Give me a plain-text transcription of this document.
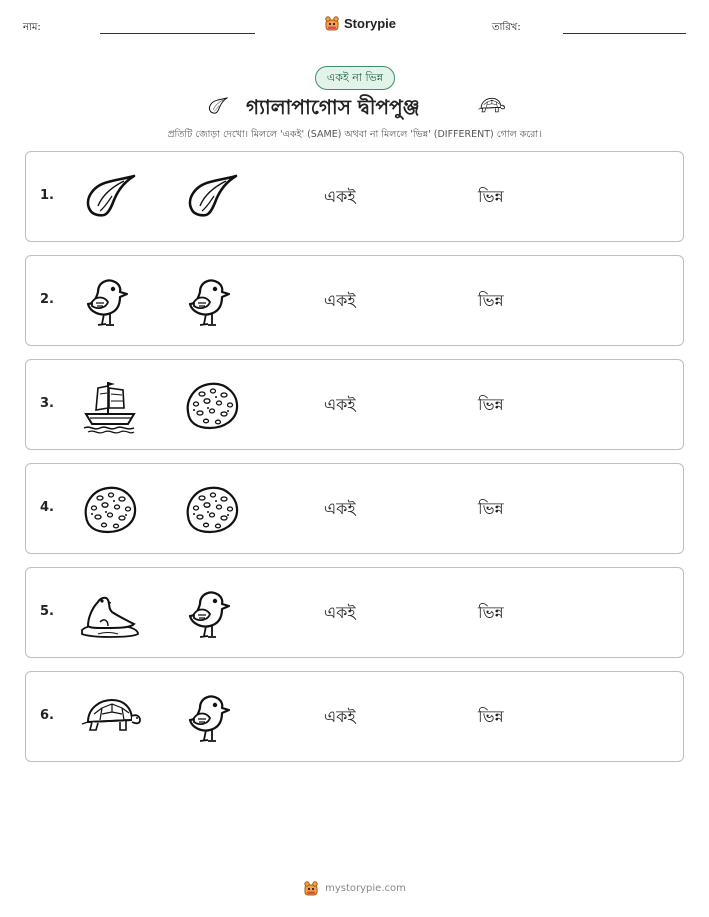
নাম:	Storypie	তারিখ:
একই না ভিন্ন
গ্যালাপাগোস দ্বীপপুঞ্জ
প্রতিটি জোড়া দেখো। মিললে 'একই' (SAME) অথবা না মিললে 'ভিন্ন' (DIFFERENT) গোল করো।
1.	একই	ভিন্ন
2.	একই	ভিন্ন
3.	একই	ভিন্ন
4.	একই	ভিন্ন
5.	একই	ভিন্ন
6.	একই	ভিন্ন
mystorypie.com
